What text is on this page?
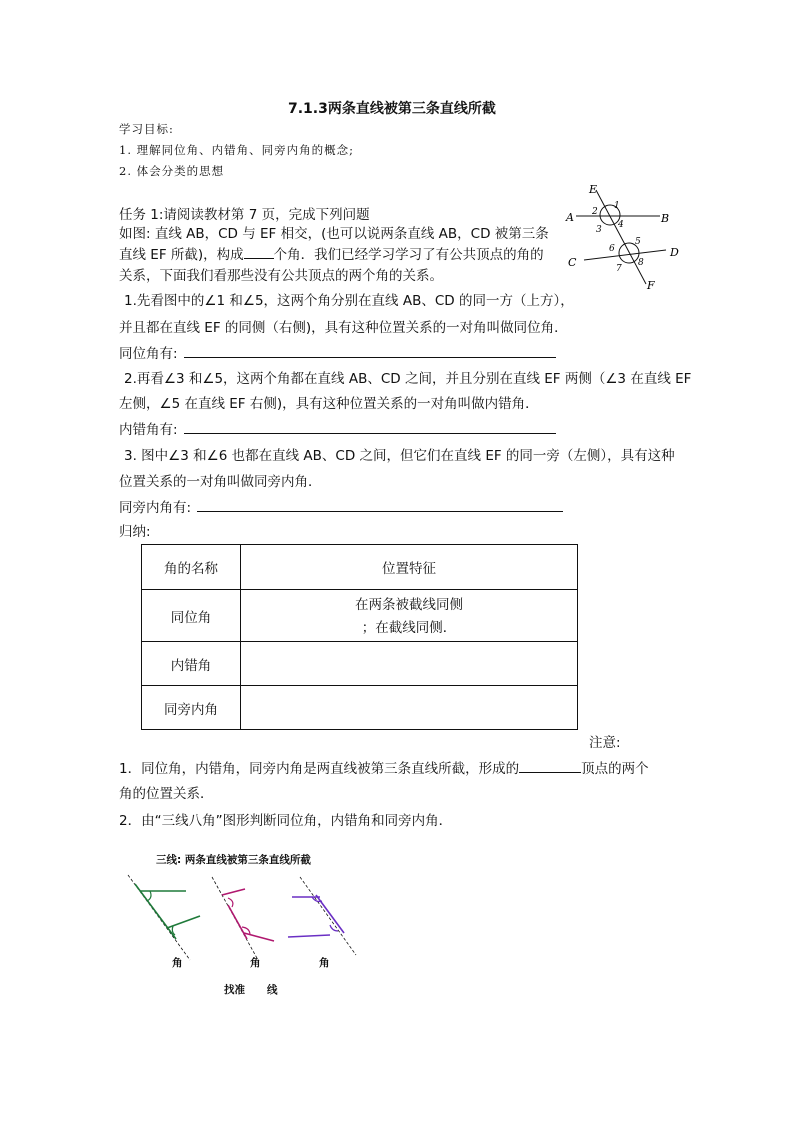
7.1.3两条直线被第三条直线所截
学习目标:
1. 理解同位角、内错角、同旁内角的概念;
2. 体会分类的思想
任务 1:请阅读教材第 7 页，完成下列问题
如图: 直线 AB，CD 与 EF 相交，(也可以说两条直线 AB，CD 被第三条
直线 EF 所截)，构成 个角．我们已经学习学习了有公共顶点的角的
关系，下面我们看那些没有公共顶点的两个角的关系。
E
A	B
C
D
F
1
2
3 4
5
6
7
8
1.先看图中的∠1 和∠5，这两个角分别在直线 AB、CD 的同一方（上方），
并且都在直线 EF 的同侧（右侧)，具有这种位置关系的一对角叫做同位角．
同位角有:
2.再看∠3 和∠5，这两个角都在直线 AB、CD 之间，并且分别在直线 EF 两侧（∠3 在直线 EF
左侧，∠5 在直线 EF 右侧)，具有这种位置关系的一对角叫做内错角．
内错角有:
3. 图中∠3 和∠6 也都在直线 AB、CD 之间，但它们在直线 EF 的同一旁（左侧），具有这种
位置关系的一对角叫做同旁内角．
同旁内角有:
归纳:
角的名称	位置特征
同位角	在两条被截线同侧
；在截线同侧．

内错角	
同旁内角	
注意:
1．同位角，内错角，同旁内角是两直线被第三条直线所截，形成的	顶点的两个
角的位置关系．
2．由“三线八角”图形判断同位角，内错角和同旁内角．
三线: 两条直线被第三条直线所截
角	角	角
找准 线
